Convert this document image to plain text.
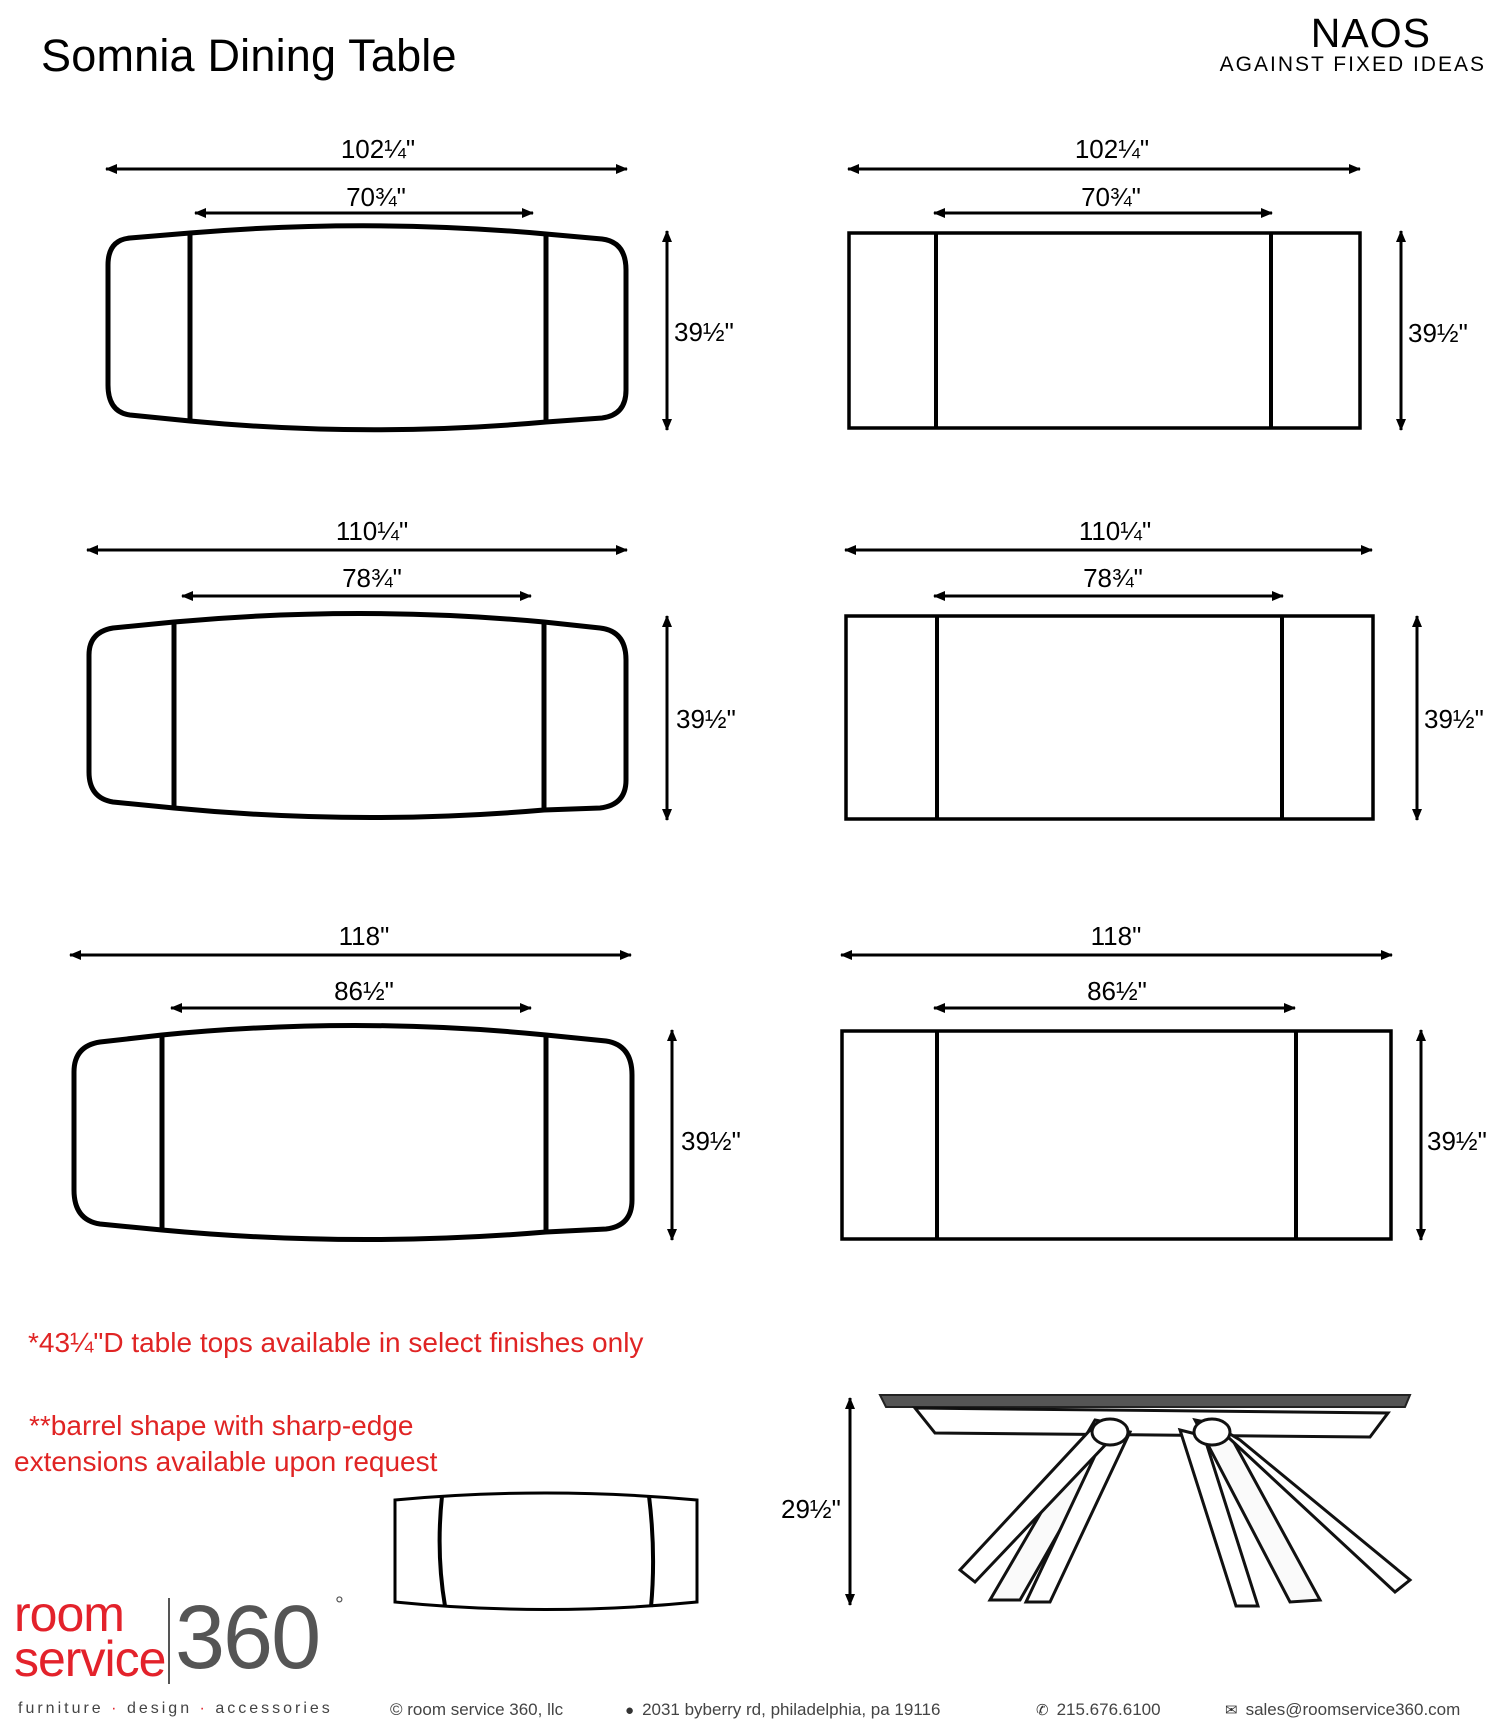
Somnia Dining Table	NAOS
AGAINST FIXED IDEAS
102¼"
70¾"
39½"
102¼"
70¾"
39½"
110¼"
78¾"
39½"
110¼"
78¾"
39½"
118"
86½"
39½"
118"
86½"
39½"
29½"
*43¼"D table tops available in select finishes only
**barrel shape with sharp-edge
extensions available upon request
room
service 360 °
furniture · design · accessories	© room service 360, llc	● 2031 byberry rd, philadelphia, pa 19116	✆ 215.676.6100	✉ sales@roomservice360.com
